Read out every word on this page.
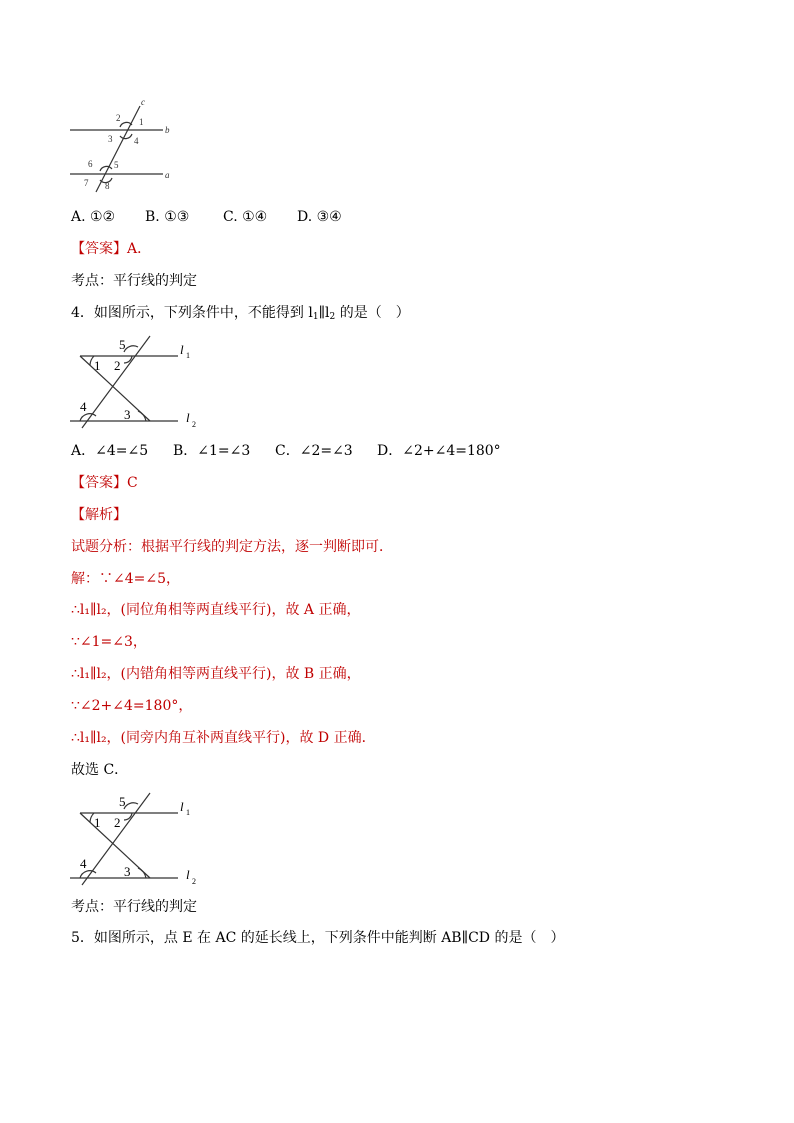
c
b
a
2 1
3 4
6 5
7 8
A. ①② B. ①③ C. ①④ D. ③④
【答案】A．
考点：平行线的判定
4．如图所示，下列条件中，不能得到 $l_1\parallel l_2$ 的是（　）
5
1 2
4
3
l 1
l 2
A．∠4=∠5 B．∠1=∠3 C．∠2=∠3 D．∠2+∠4=180°
【答案】C
【解析】
试题分析：根据平行线的判定方法，逐一判断即可．
解：∵∠4=∠5，
∴l₁∥l₂，(同位角相等两直线平行)，故 A 正确，
∵∠1=∠3，
∴l₁∥l₂，(内错角相等两直线平行)，故 B 正确，
∵∠2+∠4=180°，
∴l₁∥l₂，(同旁内角互补两直线平行)，故 D 正确．
故选 C．
5
1 2
4
3
l 1
l 2
考点：平行线的判定
5．如图所示，点 E 在 AC 的延长线上，下列条件中能判断 AB∥CD 的是（　）
